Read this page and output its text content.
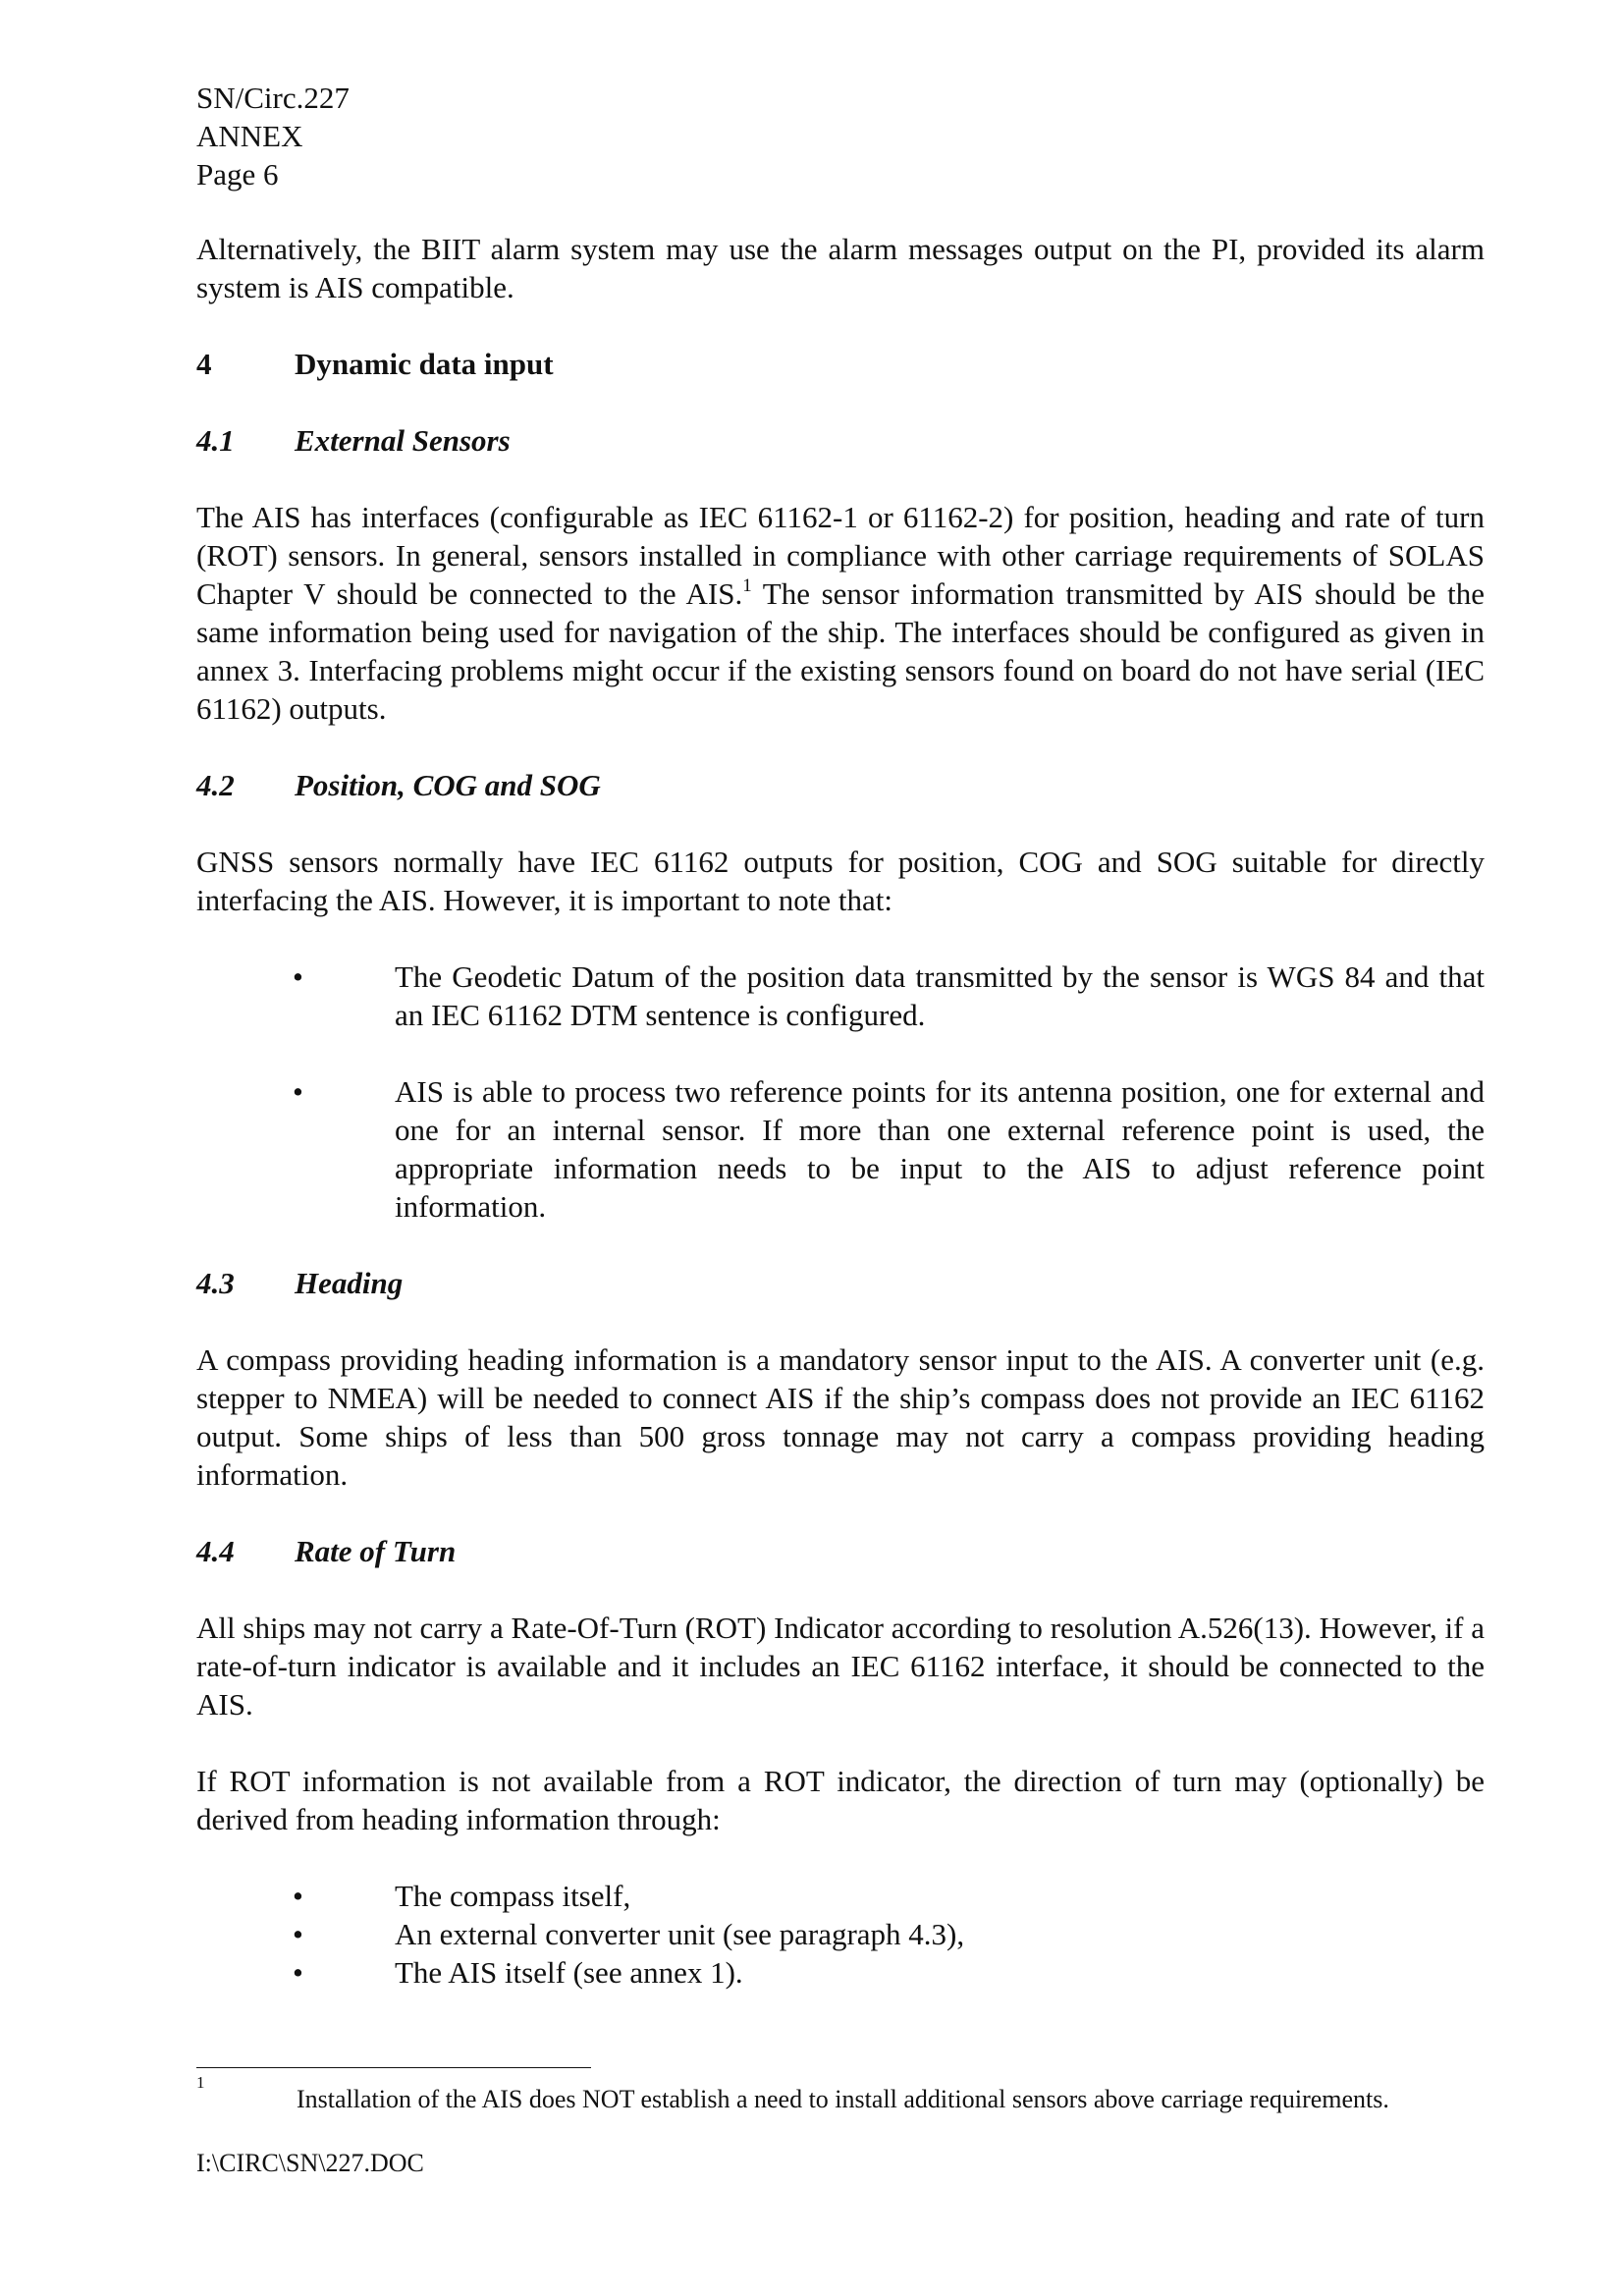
SN/Circ.227
ANNEX
Page 6
Alternatively, the BIIT alarm system may use the alarm messages output on the PI, provided its alarm system is AIS compatible.
4	Dynamic data input
4.1 External Sensors
The AIS has interfaces (configurable as IEC 61162-1 or 61162-2) for position, heading and rate of turn (ROT) sensors. In general, sensors installed in compliance with other carriage requirements of SOLAS Chapter V should be connected to the AIS.$^1$ The sensor information transmitted by AIS should be the same information being used for navigation of the ship. The interfaces should be configured as given in annex 3. Interfacing problems might occur if the existing sensors found on board do not have serial (IEC 61162) outputs.
4.2 Position, COG and SOG
GNSS sensors normally have IEC 61162 outputs for position, COG and SOG suitable for directly interfacing the AIS. However, it is important to note that:
•	The Geodetic Datum of the position data transmitted by the sensor is WGS 84 and that an IEC 61162 DTM sentence is configured.
•	AIS is able to process two reference points for its antenna position, one for external and one for an internal sensor. If more than one external reference point is used, the appropriate information needs to be input to the AIS to adjust reference point information.
4.3 Heading
A compass providing heading information is a mandatory sensor input to the AIS. A converter unit (e.g. stepper to NMEA) will be needed to connect AIS if the ship’s compass does not provide an IEC 61162 output. Some ships of less than 500 gross tonnage may not carry a compass providing heading information.
4.4 Rate of Turn
All ships may not carry a Rate-Of-Turn (ROT) Indicator according to resolution A.526(13). However, if a rate-of-turn indicator is available and it includes an IEC 61162 interface, it should be connected to the AIS.
If ROT information is not available from a ROT indicator, the direction of turn may (optionally) be derived from heading information through:
•	The compass itself,
•	An external converter unit (see paragraph 4.3),
•	The AIS itself (see annex 1).
1
Installation of the AIS does NOT establish a need to install additional sensors above carriage requirements.
I:\CIRC\SN\227.DOC
